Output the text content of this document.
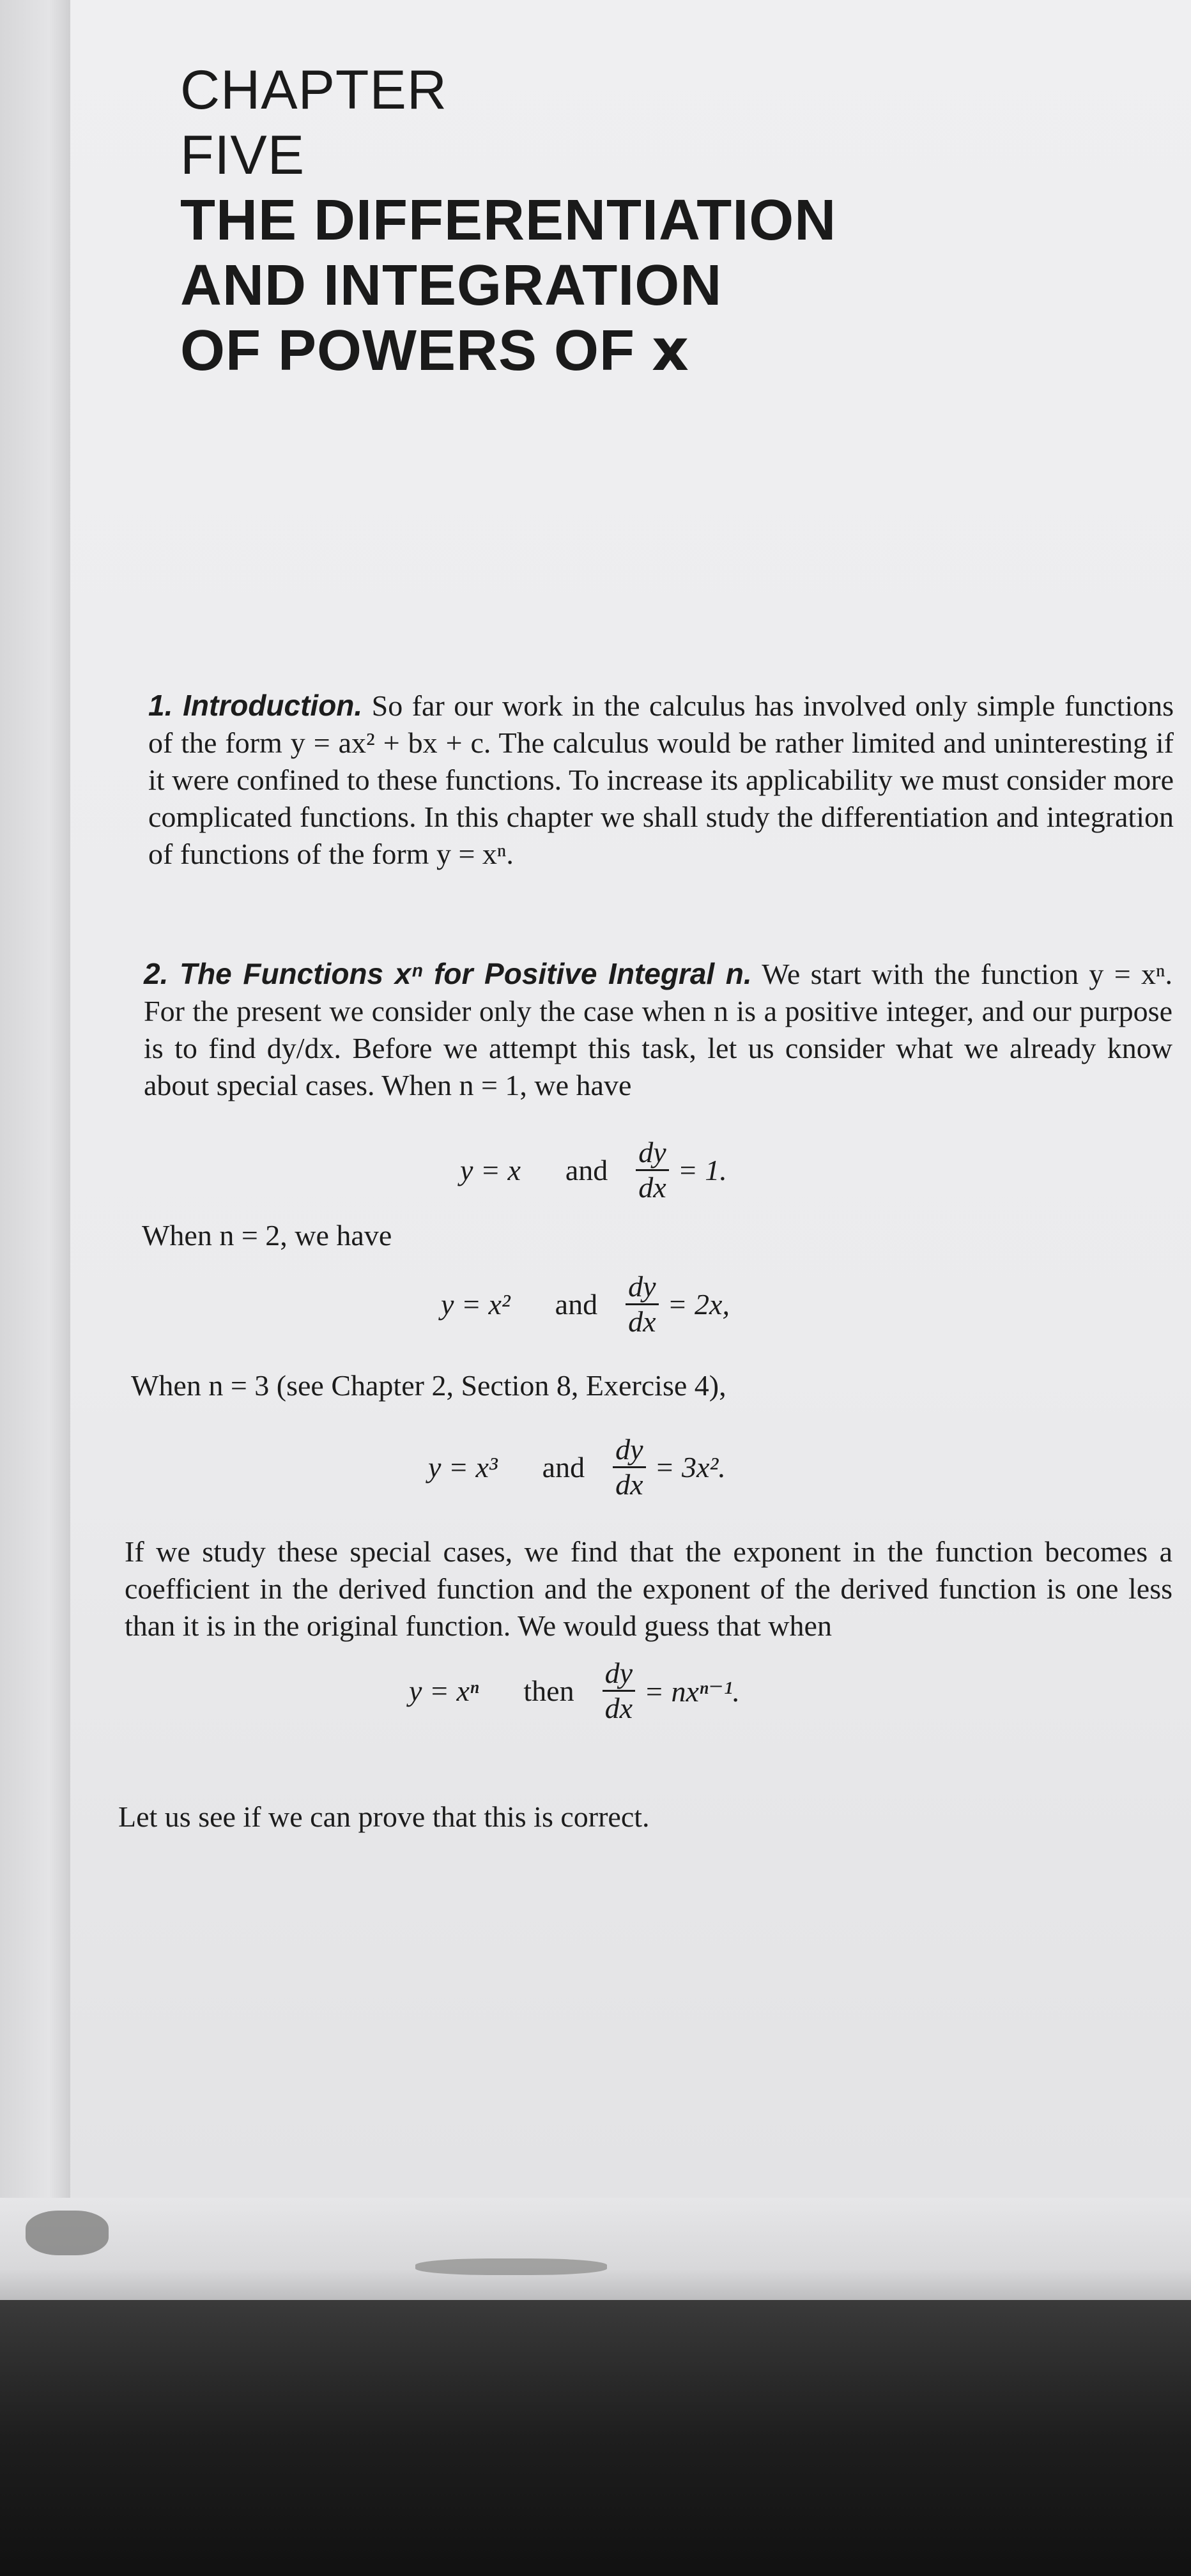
CHAPTER
FIVE
THE DIFFERENTIATION
AND INTEGRATION
OF POWERS OF x
1. Introduction. So far our work in the calculus has involved only simple functions of the form y = ax² + bx + c. The calculus would be rather limited and uninteresting if it were confined to these functions. To increase its applicability we must consider more complicated functions. In this chapter we shall study the differentiation and integration of functions of the form y = xⁿ.
2. The Functions xⁿ for Positive Integral n. We start with the function y = xⁿ. For the present we consider only the case when n is a positive integer, and our purpose is to find dy/dx. Before we attempt this task, let us consider what we already know about special cases. When n = 1, we have
y = x and $\frac{dy}{dx} = 1$.
When n = 2, we have
y = x² and $\frac{dy}{dx} = 2x$,
When n = 3 (see Chapter 2, Section 8, Exercise 4),
y = x³ and $\frac{dy}{dx} = 3x^2$.
If we study these special cases, we find that the exponent in the function becomes a coefficient in the derived function and the exponent of the derived function is one less than it is in the original function. We would guess that when
y = xⁿ then $\frac{dy}{dx} = nx^{n-1}$.
Let us see if we can prove that this is correct.
